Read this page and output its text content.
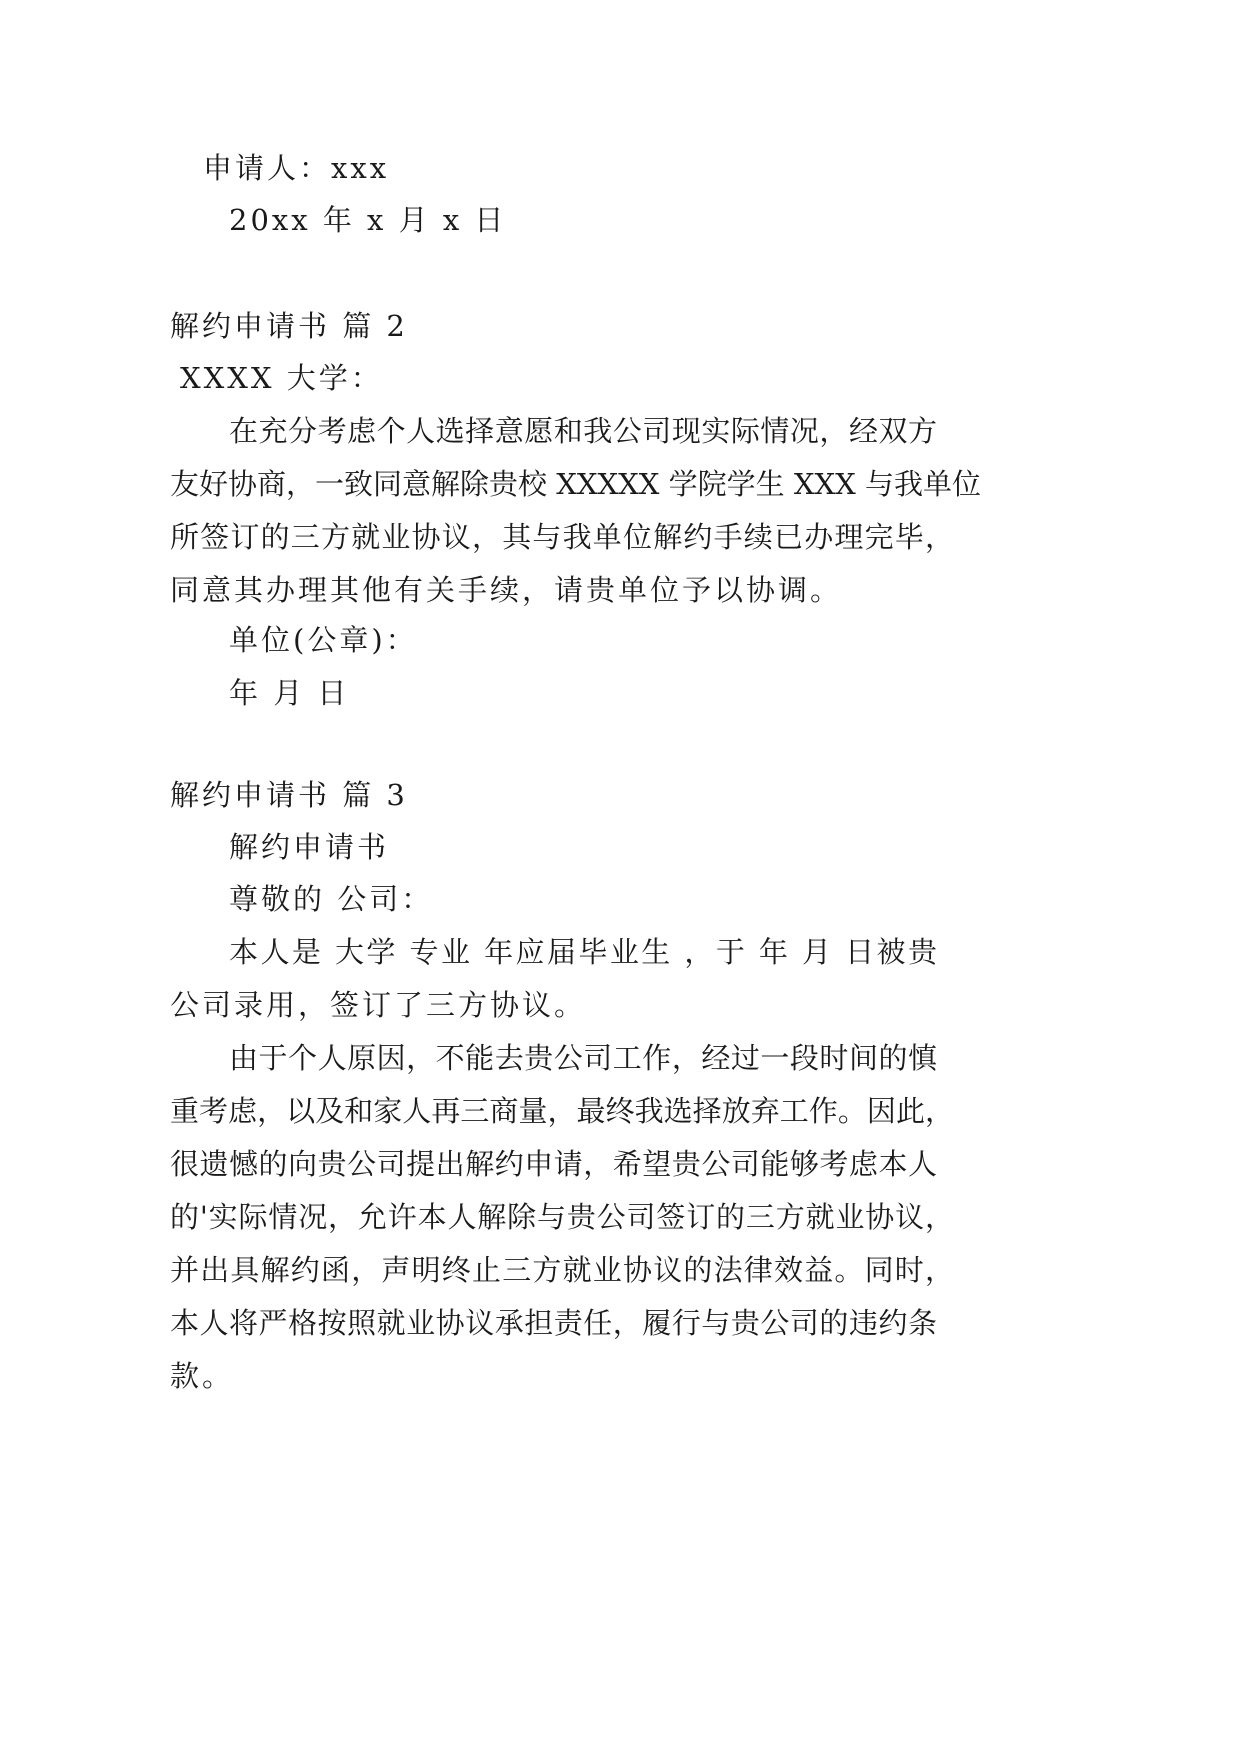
申请人：xxx
20xx 年 x 月 x 日
解约申请书 篇 2
XXXX 大学：
在充分考虑个人选择意愿和我公司现实际情况，经双方
友好协商，一致同意解除贵校 XXXXX 学院学生 XXX 与我单位
所签订的三方就业协议，其与我单位解约手续已办理完毕，
同意其办理其他有关手续，请贵单位予以协调。
单位(公章)：
年 月 日
解约申请书 篇 3
解约申请书
尊敬的 公司：
本人是 大学 专业 年应届毕业生 ，于 年 月 日被贵
公司录用，签订了三方协议。
由于个人原因，不能去贵公司工作，经过一段时间的慎
重考虑，以及和家人再三商量，最终我选择放弃工作。因此，
很遗憾的向贵公司提出解约申请，希望贵公司能够考虑本人
的'实际情况，允许本人解除与贵公司签订的三方就业协议，
并出具解约函，声明终止三方就业协议的法律效益。同时，
本人将严格按照就业协议承担责任，履行与贵公司的违约条
款。
